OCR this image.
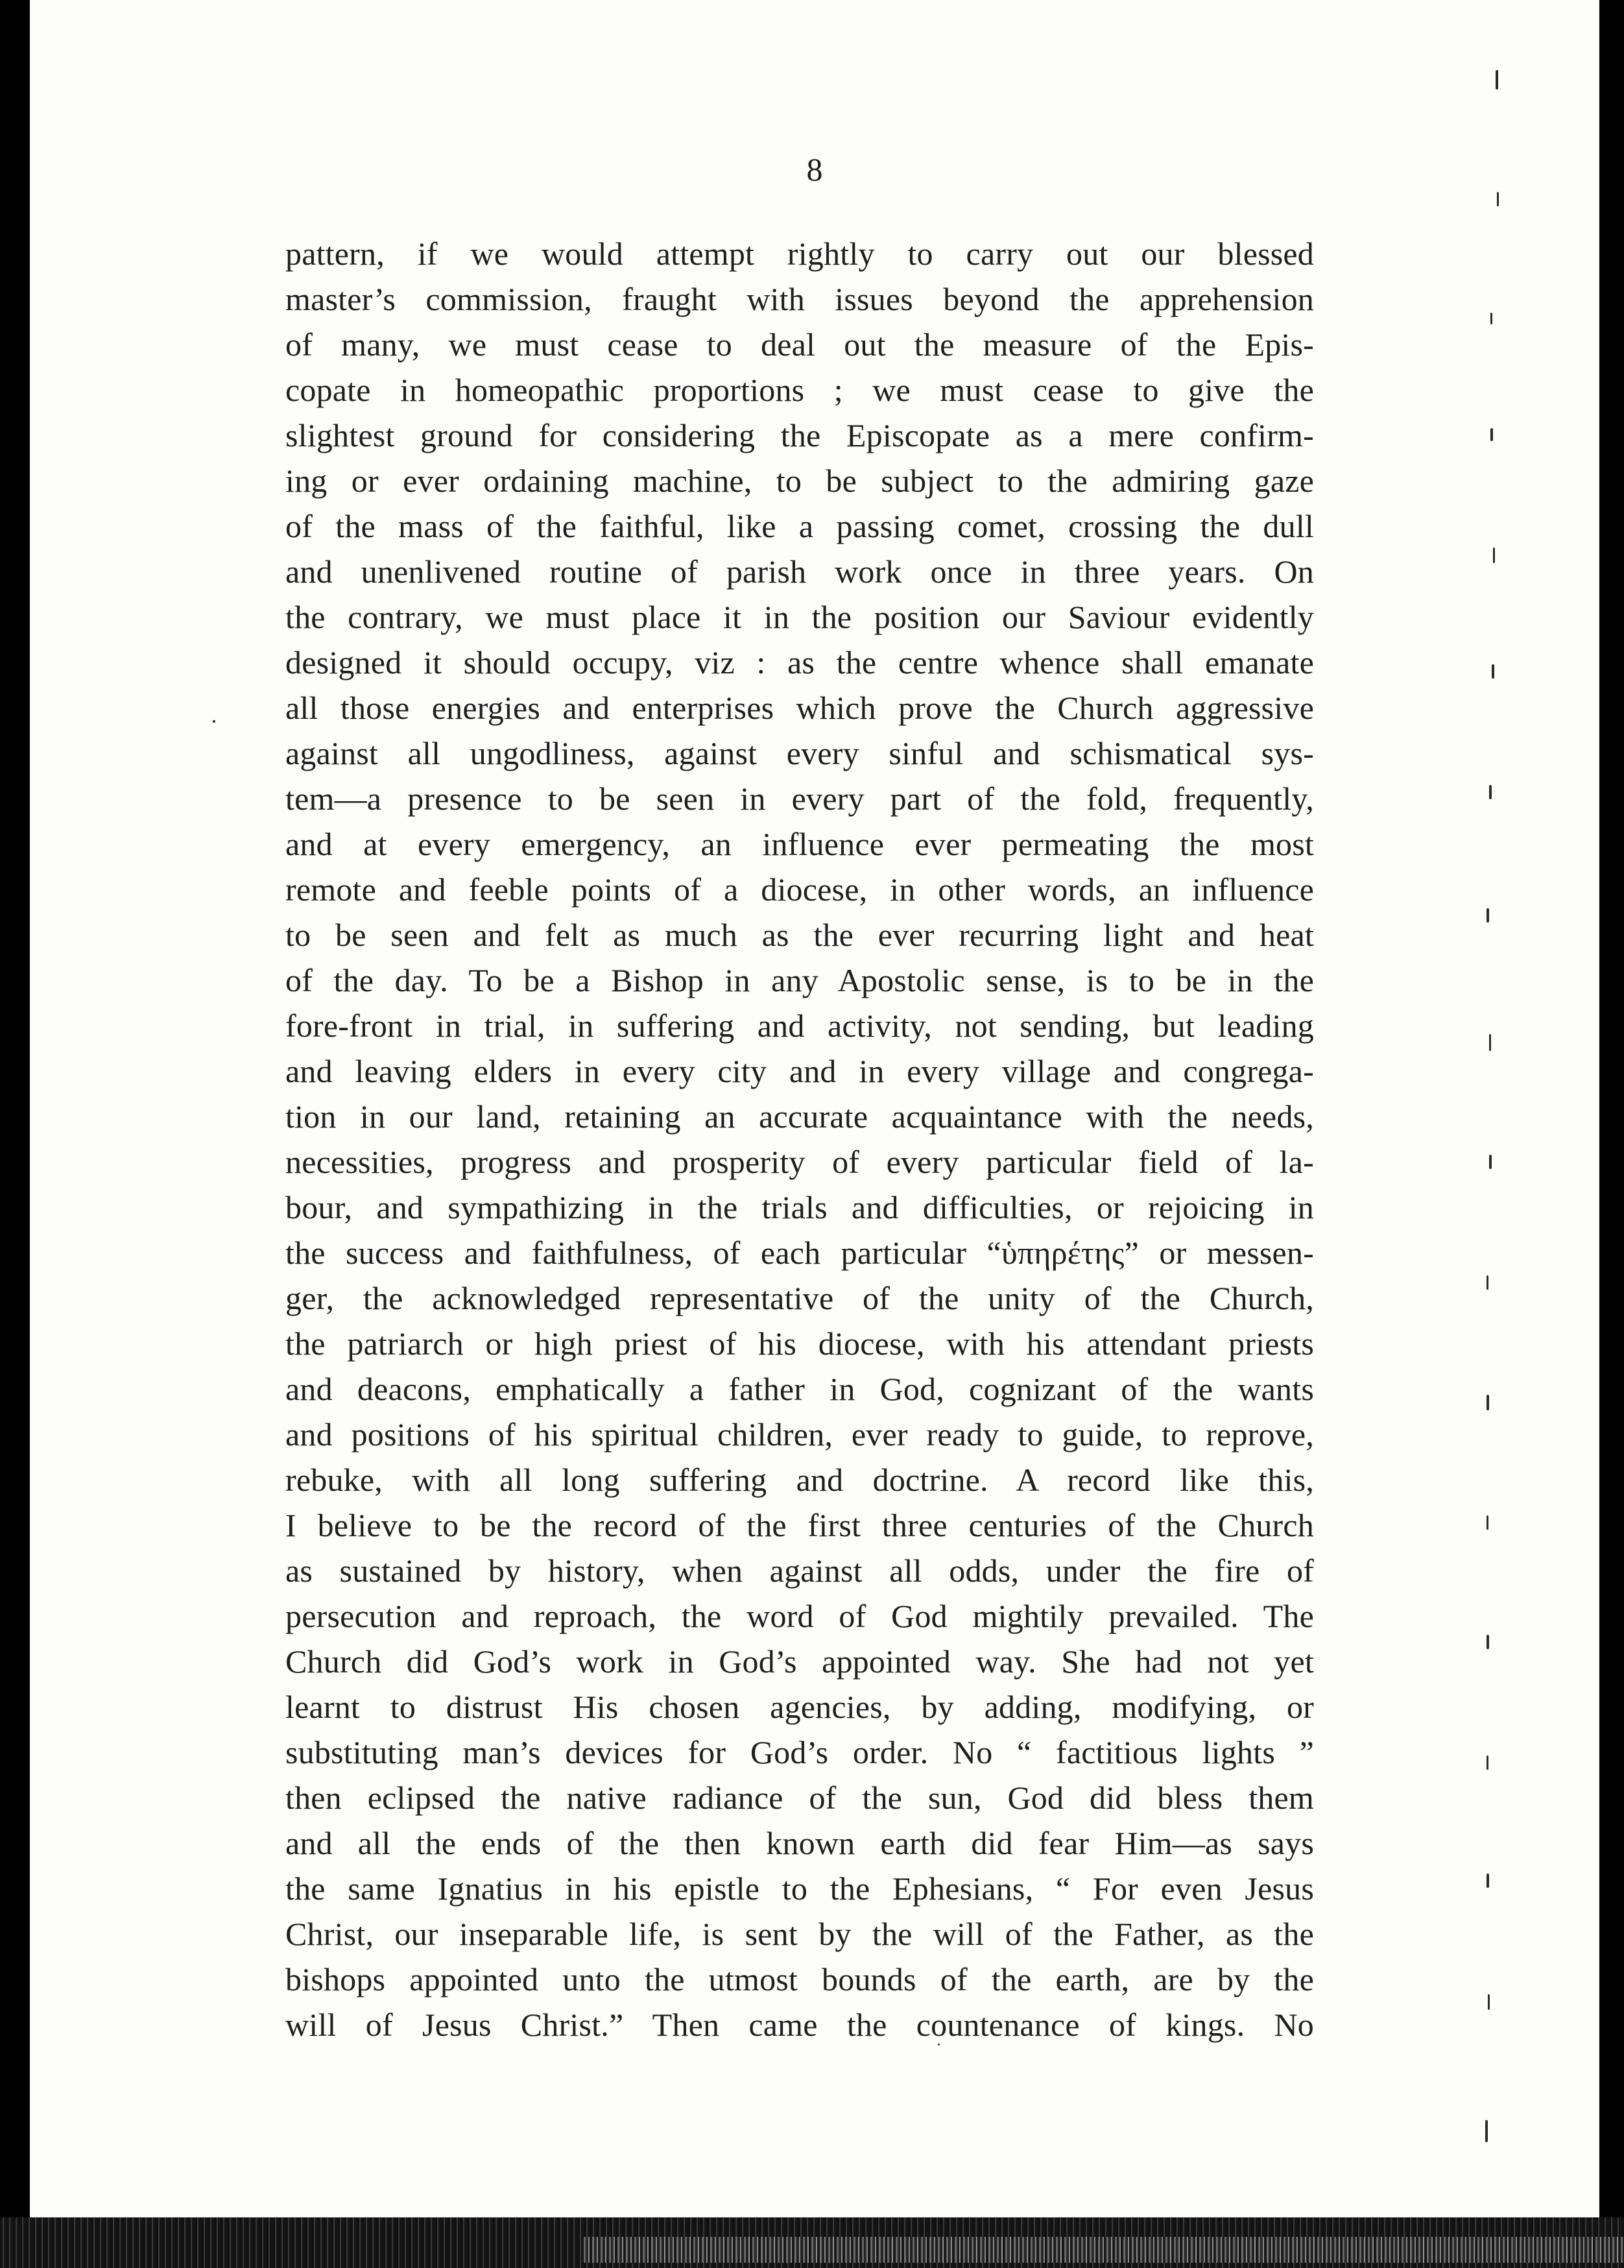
8

pattern, if we would attempt rightly to carry out our blessed
master’s commission, fraught with issues beyond the apprehension
of many, we must cease to deal out the measure of the Epis-
copate in homeopathic proportions ; we must cease to give the
slightest ground for considering the Episcopate as a mere confirm-
ing or ever ordaining machine, to be subject to the admiring gaze
of the mass of the faithful, like a passing comet, crossing the dull
and unenlivened routine of parish work once in three years. On
the contrary, we must place it in the position our Saviour evidently
designed it should occupy, viz : as the centre whence shall emanate
all those energies and enterprises which prove the Church aggressive
against all ungodliness, against every sinful and schismatical sys-
tem—a presence to be seen in every part of the fold, frequently,
and at every emergency, an influence ever permeating the most
remote and feeble points of a diocese, in other words, an influence
to be seen and felt as much as the ever recurring light and heat
of the day. To be a Bishop in any Apostolic sense, is to be in the
fore-front in trial, in suffering and activity, not sending, but leading
and leaving elders in every city and in every village and congrega-
tion in our land, retaining an accurate acquaintance with the needs,
necessities, progress and prosperity of every particular field of la-
bour, and sympathizing in the trials and difficulties, or rejoicing in
the success and faithfulness, of each particular “ὑπηρέτης” or messen-
ger, the acknowledged representative of the unity of the Church,
the patriarch or high priest of his diocese, with his attendant priests
and deacons, emphatically a father in God, cognizant of the wants
and positions of his spiritual children, ever ready to guide, to reprove,
rebuke, with all long suffering and doctrine. A record like this,
I believe to be the record of the first three centuries of the Church
as sustained by history, when against all odds, under the fire of
persecution and reproach, the word of God mightily prevailed. The
Church did God’s work in God’s appointed way. She had not yet
learnt to distrust His chosen agencies, by adding, modifying, or
substituting man’s devices for God’s order. No “ factitious lights ”
then eclipsed the native radiance of the sun, God did bless them
and all the ends of the then known earth did fear Him—as says
the same Ignatius in his epistle to the Ephesians, “ For even Jesus
Christ, our inseparable life, is sent by the will of the Father, as the
bishops appointed unto the utmost bounds of the earth, are by the
will of Jesus Christ.” Then came the countenance of kings. No
